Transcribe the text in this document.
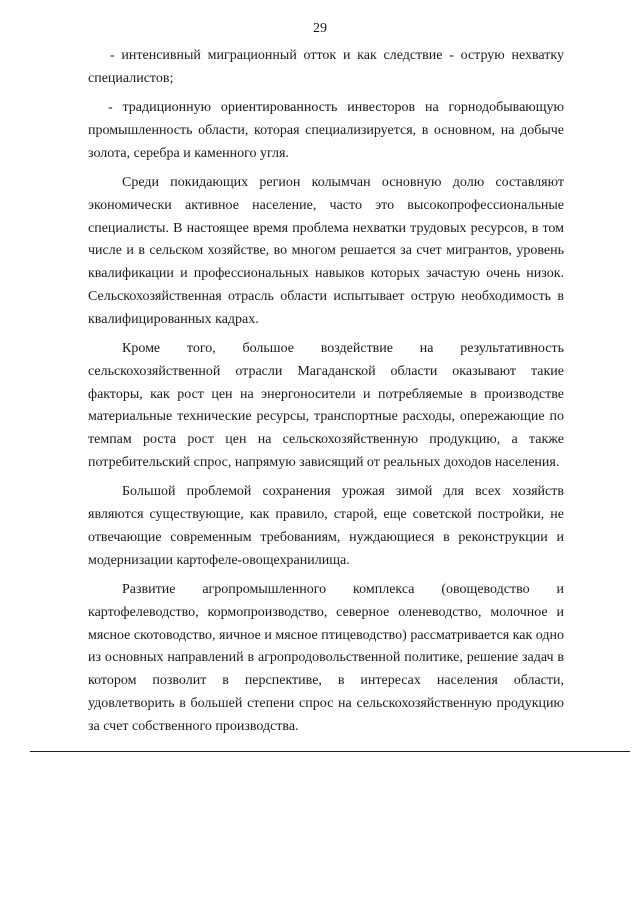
29

- интенсивный миграционный отток и как следствие - острую нехватку специалистов;

- традиционную ориентированность инвесторов на горнодобывающую промышленность области, которая специализируется, в основном, на добыче золота, серебра и каменного угля.

Среди покидающих регион колымчан основную долю составляют экономически активное население, часто это высокопрофессиональные специалисты. В настоящее время проблема нехватки трудовых ресурсов, в том числе и в сельском хозяйстве, во многом решается за счет мигрантов, уровень квалификации и профессиональных навыков которых зачастую очень низок. Сельскохозяйственная отрасль области испытывает острую необходимость в квалифицированных кадрах.

Кроме того, большое воздействие на результативность сельскохозяйственной отрасли Магаданской области оказывают такие факторы, как рост цен на энергоносители и потребляемые в производстве материальные технические ресурсы, транспортные расходы, опережающие по темпам роста рост цен на сельскохозяйственную продукцию, а также потребительский спрос, напрямую зависящий от реальных доходов населения.

Большой проблемой сохранения урожая зимой для всех хозяйств являются существующие, как правило, старой, еще советской постройки, не отвечающие современным требованиям, нуждающиеся в реконструкции и модернизации картофеле-овощехранилища.

Развитие агропромышленного комплекса (овощеводство и картофелеводство, кормопроизводство, северное оленеводство, молочное и мясное скотоводство, яичное и мясное птицеводство) рассматривается как одно из основных направлений в агропродовольственной политике, решение задач в котором позволит в перспективе, в интересах населения области, удовлетворить в большей степени спрос на сельскохозяйственную продукцию за счет собственного производства.
